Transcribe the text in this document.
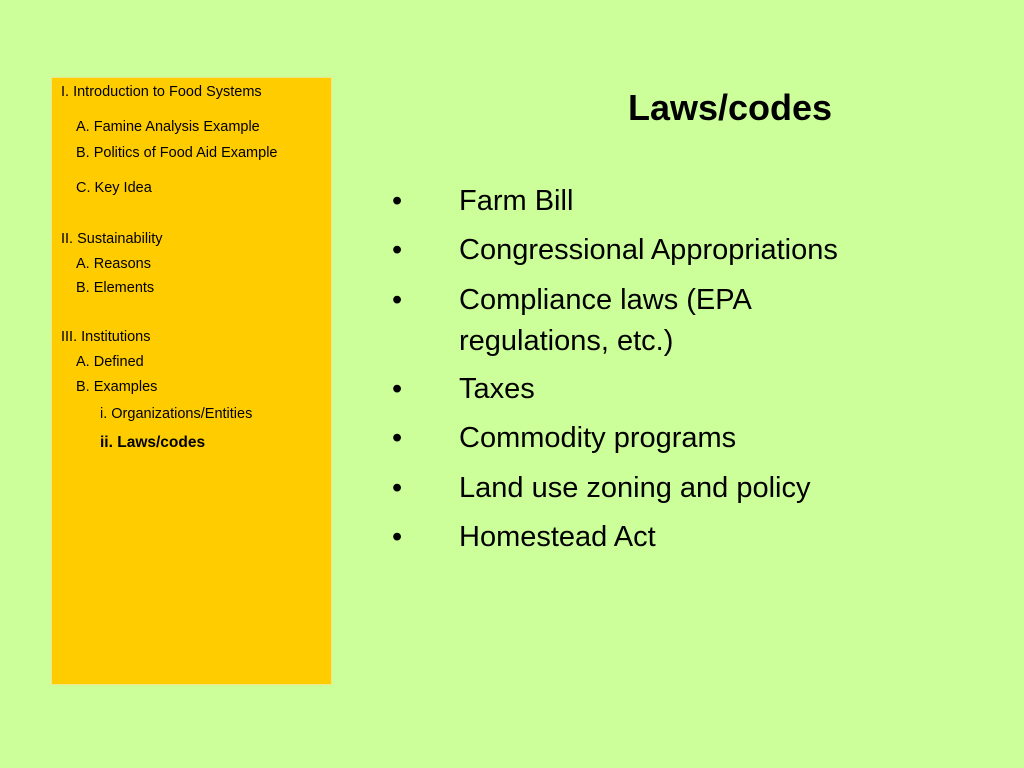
I. Introduction to Food Systems
A. Famine Analysis Example
B. Politics of Food Aid Example
C. Key Idea
II. Sustainability
A. Reasons
B. Elements
III. Institutions
A. Defined
B. Examples
i. Organizations/Entities
ii. Laws/codes
Laws/codes
•	Farm Bill
•	Congressional Appropriations
•	Compliance laws (EPA regulations, etc.)
•	Taxes
•	Commodity programs
•	Land use zoning and policy
•	Homestead Act
